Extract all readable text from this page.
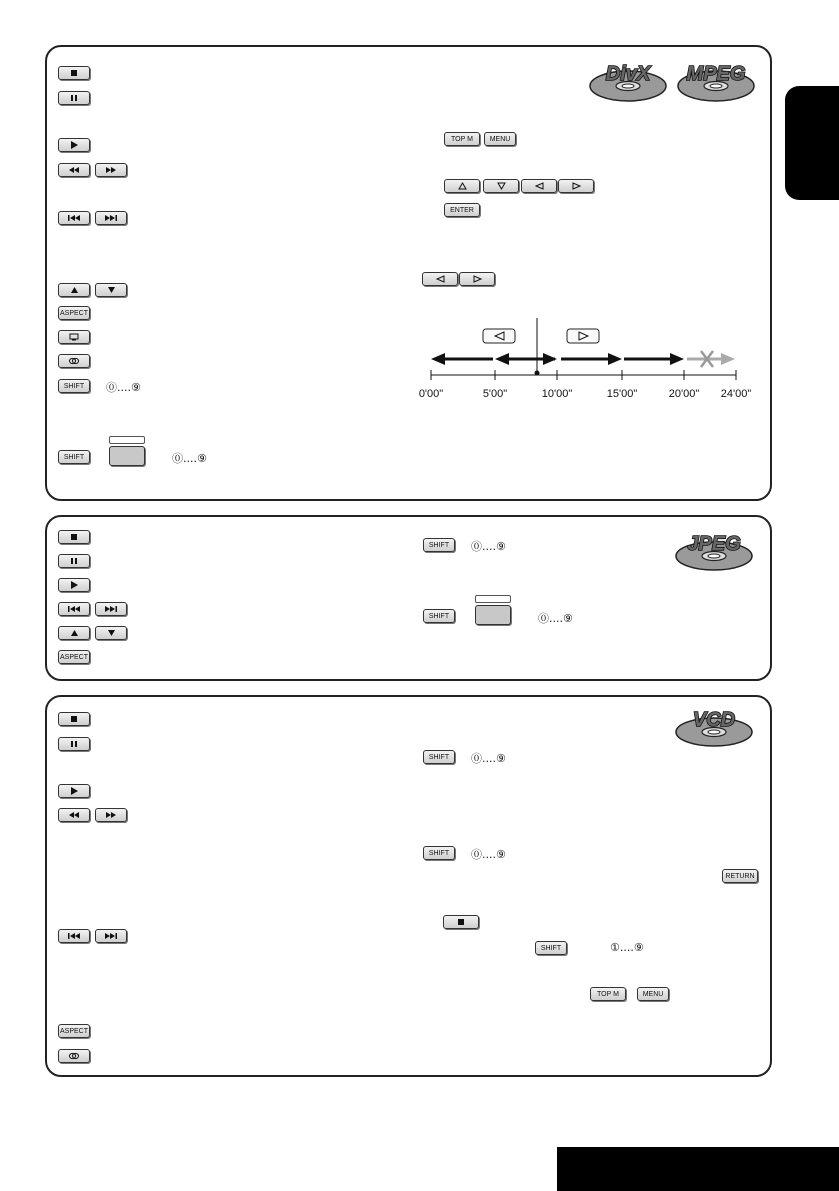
ASPECT
SHIFT	⓪....⑨
SHIFT	⓪....⑨
TOP M	MENU
ENTER
0'00"	5'00"	10'00"	15'00"	20'00" 24'00"
DivX MPEG
ASPECT
SHIFT	⓪....⑨
SHIFT	⓪....⑨
JPEG
ASPECT
SHIFT	⓪....⑨
SHIFT	⓪....⑨
RETURN
SHIFT	①....⑨
TOP M	MENU
VCD
